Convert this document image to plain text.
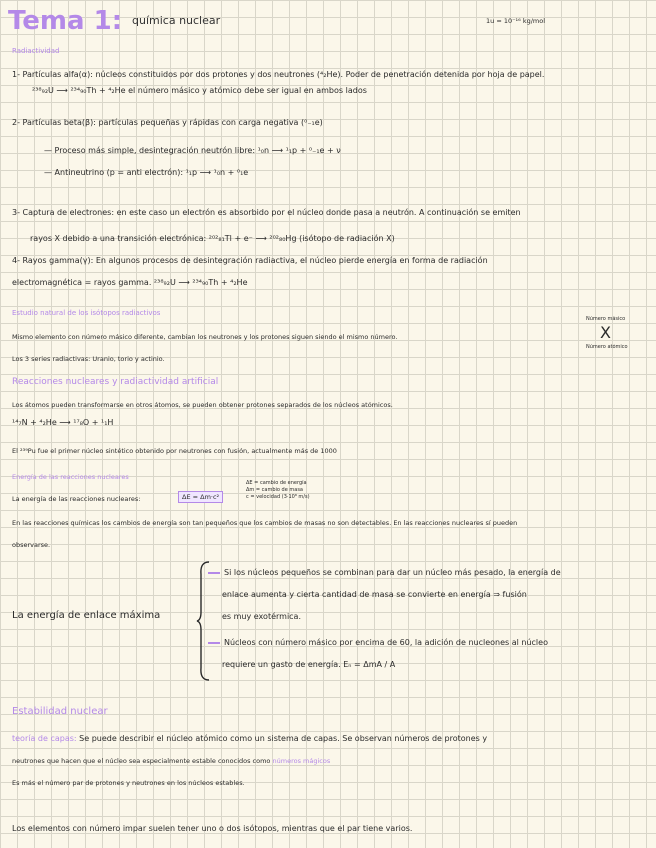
Tema 1: química nuclear	1u = 10⁻¹⁶ kg/mol
Radiactividad
1- Partículas alfa(α): núcleos constituidos por dos protones y dos neutrones (⁴₂He). Poder de penetración detenida por hoja de papel.
²³⁸₉₂U ⟶ ²³⁴₉₀Th + ⁴₂He el número másico y atómico debe ser igual en ambos lados
2- Partículas beta(β): partículas pequeñas y rápidas con carga negativa (⁰₋₁e)
— Proceso más simple, desintegración neutrón libre: ¹₀n ⟶ ¹₁p + ⁰₋₁e + ν
— Antineutrino (p = anti electrón): ¹₁p ⟶ ¹₀n + ⁰₁e
3- Captura de electrones: en este caso un electrón es absorbido por el núcleo donde pasa a neutrón. A continuación se emiten
rayos X debido a una transición electrónica: ²⁰²₈₁Tl + e⁻ ⟶ ²⁰²₈₀Hg (isótopo de radiación X)
4- Rayos gamma(γ): En algunos procesos de desintegración radiactiva, el núcleo pierde energía en forma de radiación
electromagnética = rayos gamma. ²³⁸₉₂U ⟶ ²³⁴₉₀Th + ⁴₂He
Estudio natural de los isótopos radiactivos
Mismo elemento con número másico diferente, cambian los neutrones y los protones siguen siendo el mismo número.
Los 3 series radiactivas: Uranio, torio y actinio.
Número másico
X
Número atómico
Reacciones nucleares y radiactividad artificial
Los átomos pueden transformarse en otros átomos, se pueden obtener protones separados de los núcleos atómicos.
¹⁴₇N + ⁴₂He ⟶ ¹⁷₈O + ¹₁H
El ²³⁹Pu fue el primer núcleo sintético obtenido por neutrones con fusión, actualmente más de 1000
Energía de las reacciones nucleares
La energía de las reacciones nucleares:	ΔE = Δm·c²
ΔE = cambio de energía
Δm = cambio de masa
c = velocidad (3·10⁸ m/s)
En las reacciones químicas los cambios de energía son tan pequeños que los cambios de masas no son detectables. En las reacciones nucleares sí pueden
observarse.
La energía de enlace máxima
Si los núcleos pequeños se combinan para dar un núcleo más pesado, la energía de
enlace aumenta y cierta cantidad de masa se convierte en energía ⇒ fusión
es muy exotérmica.
Núcleos con número másico por encima de 60, la adición de nucleones al núcleo
requiere un gasto de energía. Eₙ = ΔmA / A
Estabilidad nuclear
teoría de capas: Se puede describir el núcleo atómico como un sistema de capas. Se observan números de protones y
neutrones que hacen que el núcleo sea especialmente estable conocidos como números mágicos
Es más el número par de protones y neutrones en los núcleos estables.
Los elementos con número impar suelen tener uno o dos isótopos, mientras que el par tiene varios.
